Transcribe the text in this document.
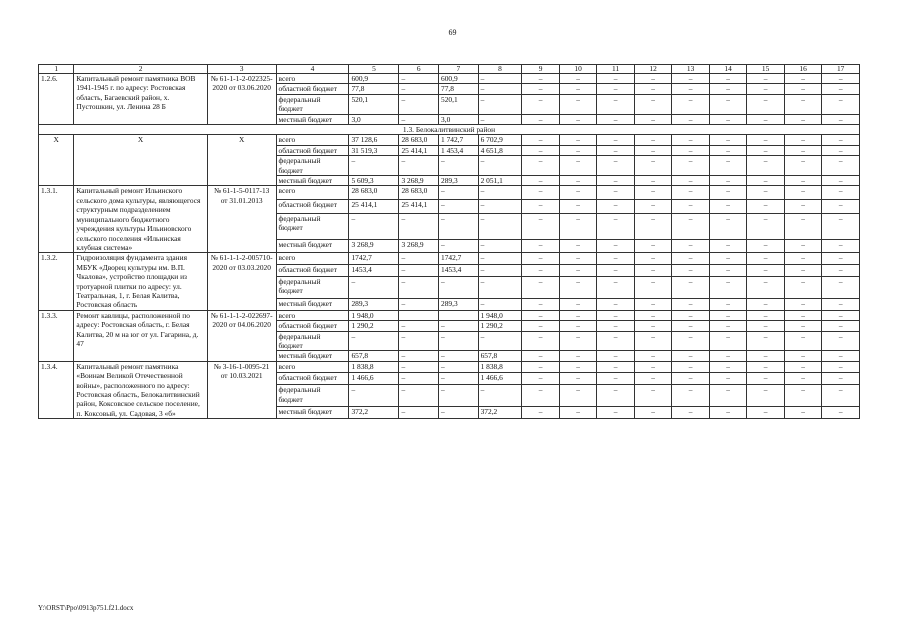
69
1	2	3	4	5	6	7	8	9	10	11	12	13	14	15	16	17
1.2.6.	Капитальный ремонт памятника ВОВ 1941-1945 г. по адресу: Ростовская область, Багаевский район, х. Пустошкин, ул. Ленина 28 Б	№ 61-1-1-2-022325-2020 от 03.06.2020	всего	600,9	–	600,9	–	–	–	–	–	–	–	–	–	–
			областной бюджет	77,8	–	77,8	–	–	–	–	–	–	–	–	–	–
			федеральный бюджет	520,1	–	520,1	–	–	–	–	–	–	–	–	–	–
			местный бюджет	3,0	–	3,0	–	–	–	–	–	–	–	–	–	–
1.3. Белокалитвинский район																
Х	Х	Х	всего	37 128,6	28 683,0	1 742,7	6 702,9	–	–	–	–	–	–	–	–	–
			областной бюджет	31 519,3	25 414,1	1 453,4	4 651,8	–	–	–	–	–	–	–	–	–
			федеральный бюджет	–	–	–	–	–	–	–	–	–	–	–	–	–
			местный бюджет	5 609,3	3 268,9	289,3	2 051,1	–	–	–	–	–	–	–	–	–
1.3.1.	Капитальный ремонт Ильинского сельского дома культуры, являющегося структурным подразделением муниципального бюджетного учреждения культуры Ильиновского сельского поселения «Ильинская клубная система»	№ 61-1-5-0117-13 от 31.01.2013	всего	28 683,0	28 683,0	–	–	–	–	–	–	–	–	–	–	–
			областной бюджет	25 414,1	25 414,1	–	–	–	–	–	–	–	–	–	–	–
			федеральный бюджет	–	–	–	–	–	–	–	–	–	–	–	–	–
			местный бюджет	3 268,9	3 268,9	–	–	–	–	–	–	–	–	–	–	–
1.3.2.	Гидроизоляция фундамента здания МБУК «Дворец культуры им. В.П. Чкалова», устройство площадки из тротуарной плитки по адресу: ул. Театральная, 1, г. Белая Калитва, Ростовская область	№ 61-1-1-2-005710-2020 от 03.03.2020	всего	1742,7	–	1742,7	–	–	–	–	–	–	–	–	–	–
			областной бюджет	1453,4	–	1453,4	–	–	–	–	–	–	–	–	–	–
			федеральный бюджет	–	–	–	–	–	–	–	–	–	–	–	–	–
			местный бюджет	289,3	–	289,3	–	–	–	–	–	–	–	–	–	–
1.3.3.	Ремонт кавлицы, расположенной по адресу: Ростовская область, г. Белая Калитва, 20 м на юг от ул. Гагарина, д. 47	№ 61-1-1-2-022697-2020 от 04.06.2020	всего	1 948,0			1 948,0	–	–	–	–	–	–	–	–	–
			областной бюджет	1 290,2	–	–	1 290,2	–	–	–	–	–	–	–	–	–
			федеральный бюджет	–	–	–	–	–	–	–	–	–	–	–	–	–
			местный бюджет	657,8	–	–	657,8	–	–	–	–	–	–	–	–	–
1.3.4.	Капитальный ремонт памятника «Воинам Великой Отечественной войны», расположенного по адресу: Ростовская область, Белокалитвинский район, Коксовское сельское поселение, п. Коксовый, ул. Садовая, 3 «б»	№ 3-16-1-0095-21 от 10.03.2021	всего	1 838,8	–	–	1 838,8	–	–	–	–	–	–	–	–	–
			областной бюджет	1 466,6	–	–	1 466,6	–	–	–	–	–	–	–	–	–
			федеральный бюджет	–	–	–	–	–	–	–	–	–	–	–	–	–
			местный бюджет	372,2	–	–	372,2	–	–	–	–	–	–	–	–	–
Y:\ORST\Ppo\0913p751.f21.docx
